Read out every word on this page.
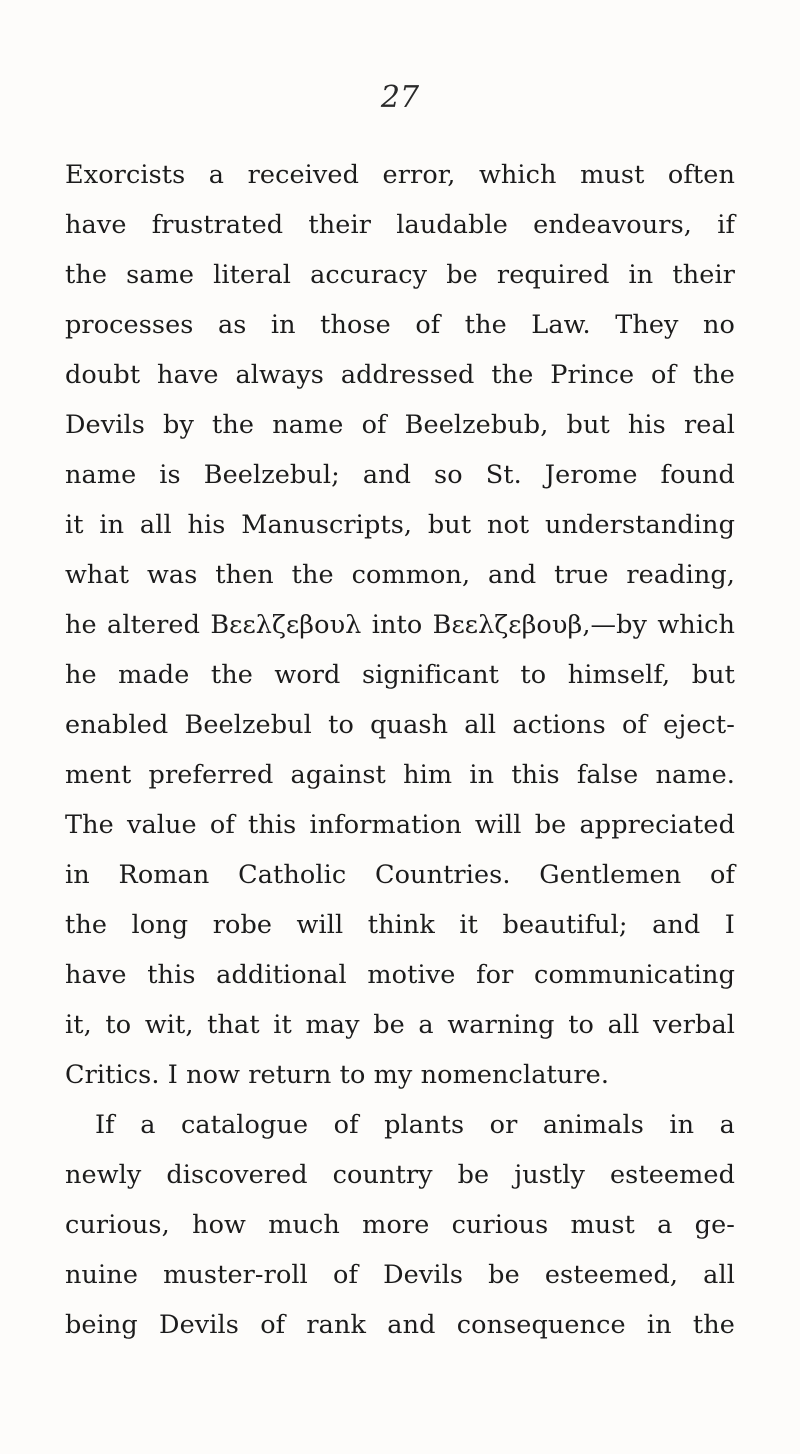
27
Exorcists a received error, which must often
have frustrated their laudable endeavours, if
the same literal accuracy be required in their
processes as in those of the Law. They no
doubt have always addressed the Prince of the
Devils by the name of Beelzebub, but his real
name is Beelzebul; and so St. Jerome found
it in all his Manuscripts, but not understanding
what was then the common, and true reading,
he altered Βεελζεβουλ into Βεελζεβουβ,—by which
he made the word significant to himself, but
enabled Beelzebul to quash all actions of eject-
ment preferred against him in this false name.
The value of this information will be appreciated
in Roman Catholic Countries. Gentlemen of
the long robe will think it beautiful; and I
have this additional motive for communicating
it, to wit, that it may be a warning to all verbal
Critics. I now return to my nomenclature.
If a catalogue of plants or animals in a
newly discovered country be justly esteemed
curious, how much more curious must a ge-
nuine muster-roll of Devils be esteemed, all
being Devils of rank and consequence in the
